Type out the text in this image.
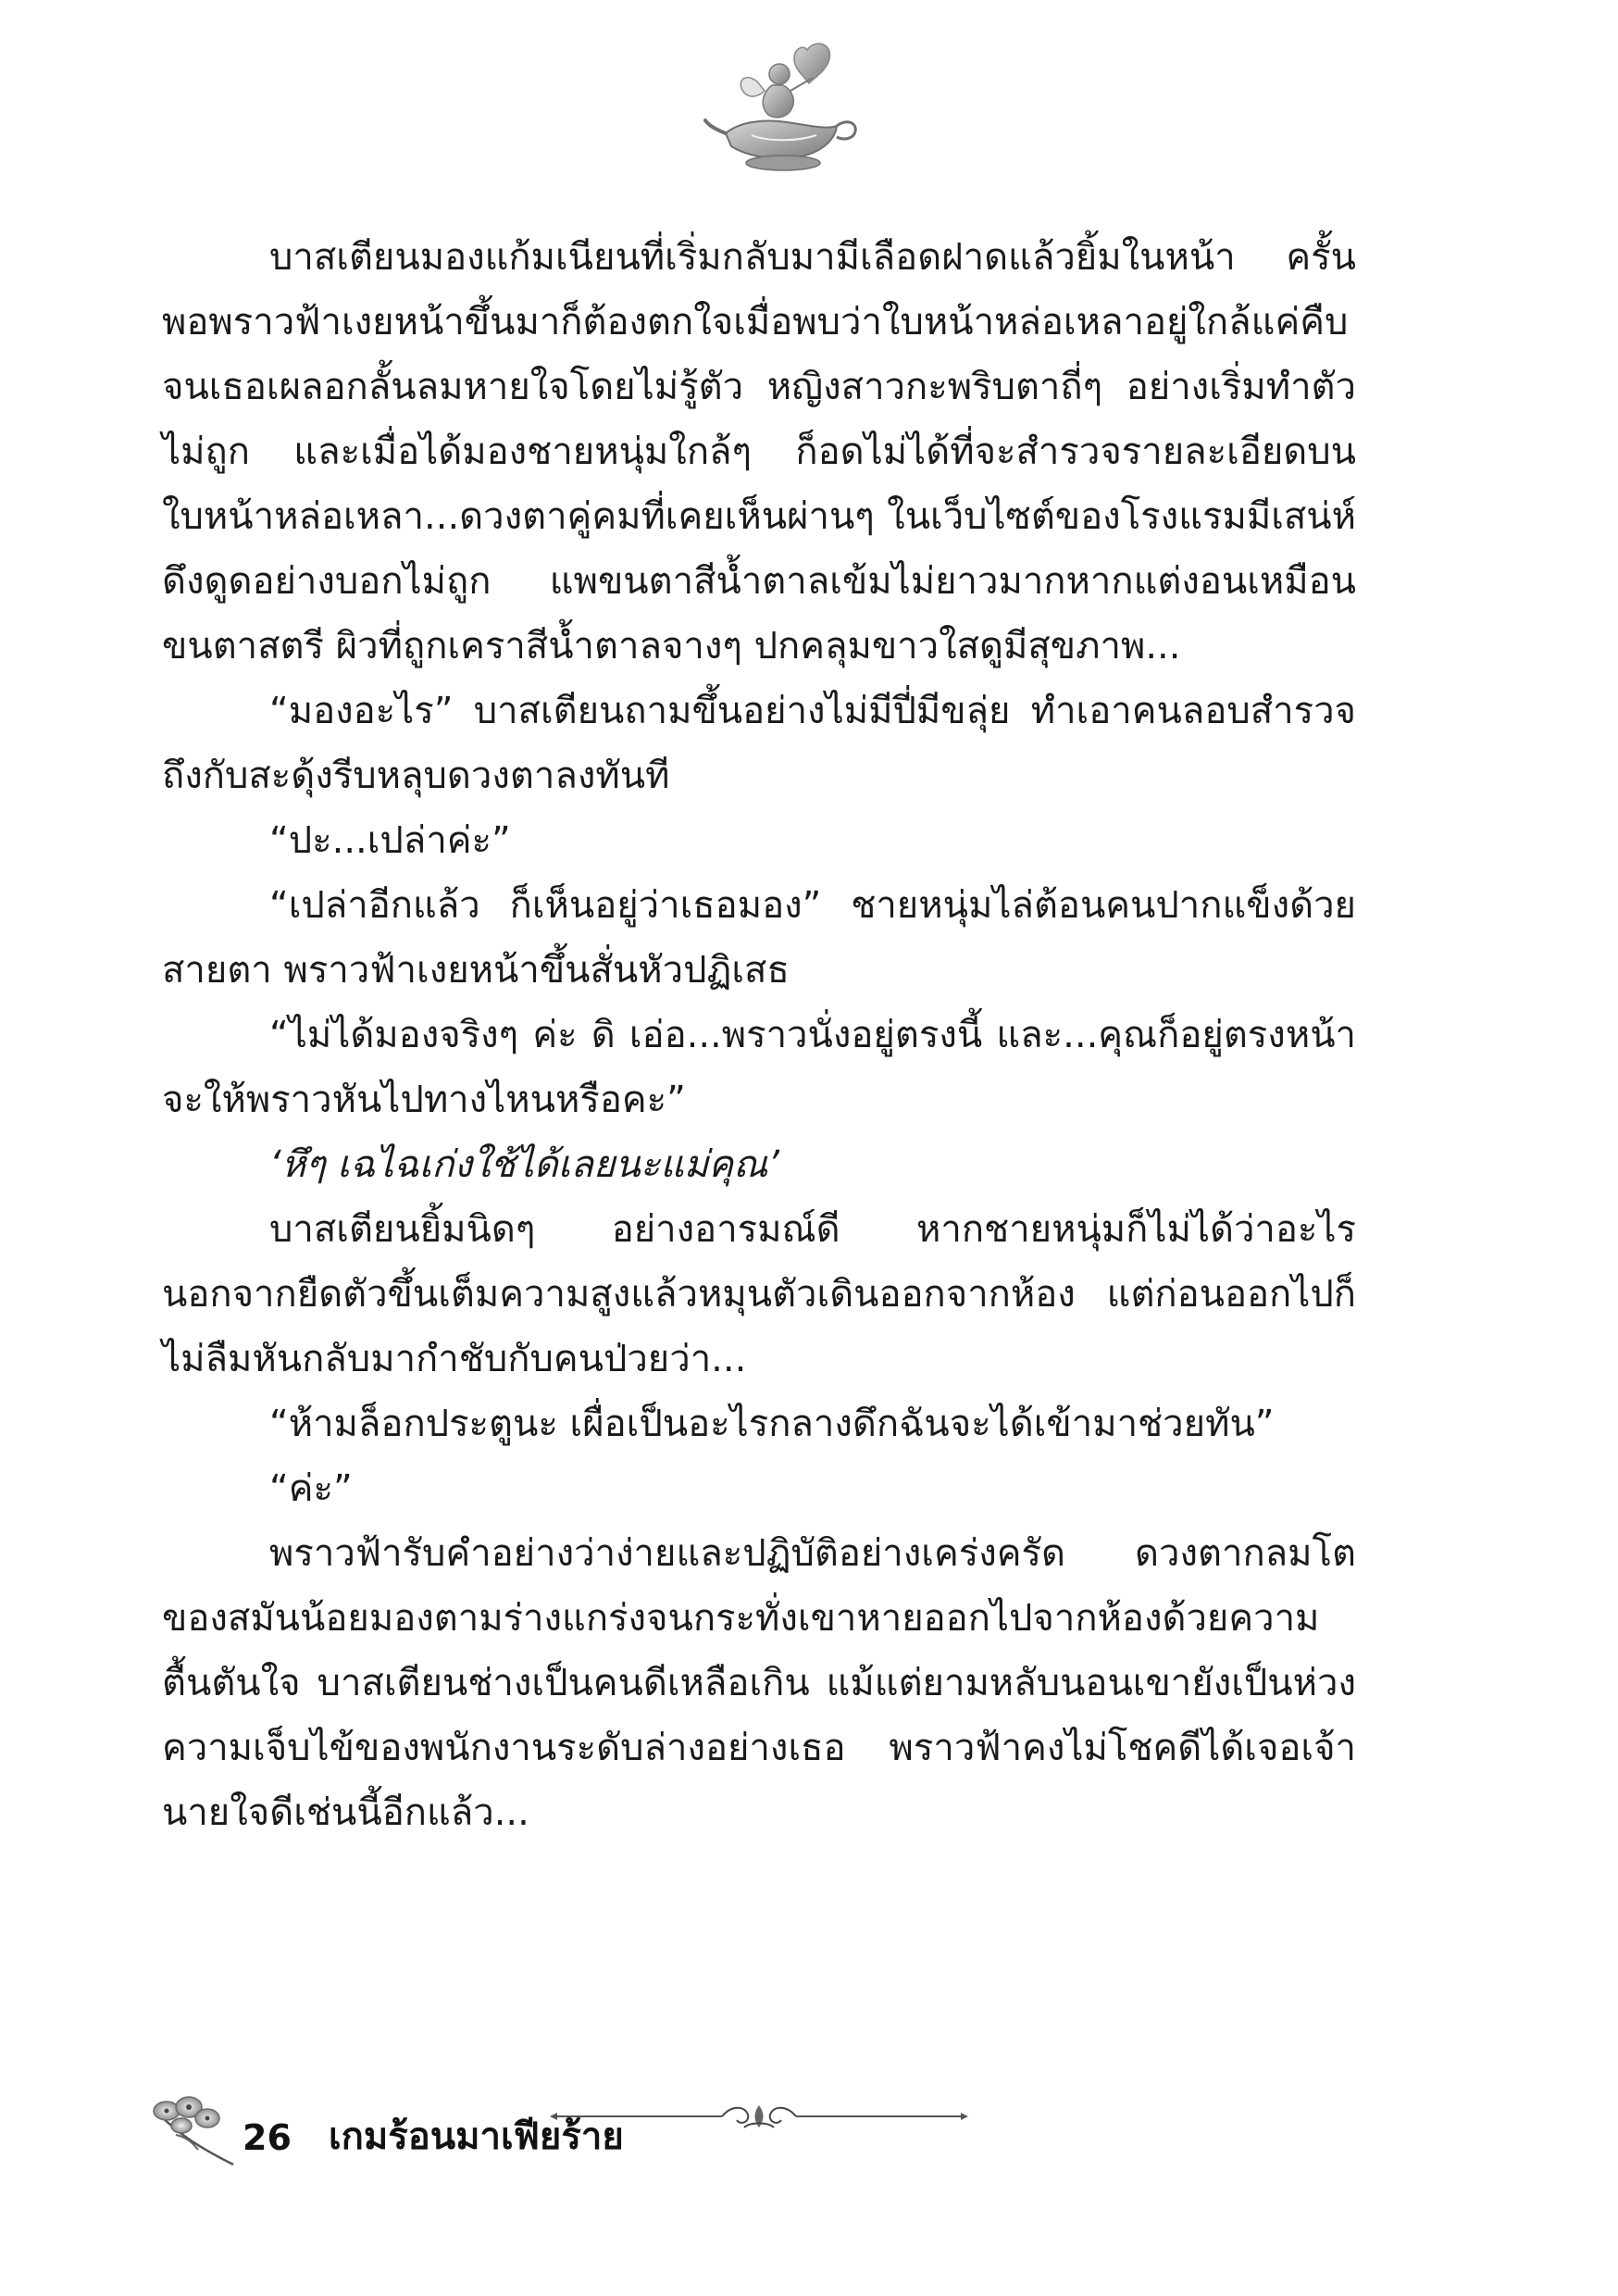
บาสเตียนมองแก้มเนียนที่เริ่มกลับมามีเลือดฝาดแล้วยิ้มในหน้า ครั้นพอพราวฟ้าเงยหน้าขึ้นมาก็ต้องตกใจเมื่อพบว่าใบหน้าหล่อเหลาอยู่ใกล้แค่คืบจนเธอเผลอกลั้นลมหายใจโดยไม่รู้ตัว หญิงสาวกะพริบตาถี่ๆ อย่างเริ่มทำตัวไม่ถูก และเมื่อได้มองชายหนุ่มใกล้ๆ ก็อดไม่ได้ที่จะสำรวจรายละเอียดบนใบหน้าหล่อเหลา...ดวงตาคู่คมที่เคยเห็นผ่านๆ ในเว็บไซต์ของโรงแรมมีเสน่ห์ดึงดูดอย่างบอกไม่ถูก แพขนตาสีน้ำตาลเข้มไม่ยาวมากหากแต่งอนเหมือนขนตาสตรี ผิวที่ถูกเคราสีน้ำตาลจางๆ ปกคลุมขาวใสดูมีสุขภาพ...

“มองอะไร” บาสเตียนถามขึ้นอย่างไม่มีปี่มีขลุ่ย ทำเอาคนลอบสำรวจถึงกับสะดุ้งรีบหลุบดวงตาลงทันที

“ปะ...เปล่าค่ะ”

“เปล่าอีกแล้ว ก็เห็นอยู่ว่าเธอมอง” ชายหนุ่มไล่ต้อนคนปากแข็งด้วยสายตา พราวฟ้าเงยหน้าขึ้นสั่นหัวปฏิเสธ

“ไม่ได้มองจริงๆ ค่ะ ดิ เอ่อ...พราวนั่งอยู่ตรงนี้ และ...คุณก็อยู่ตรงหน้าจะให้พราวหันไปทางไหนหรือคะ”

‘หึๆ เฉไฉเก่งใช้ได้เลยนะแม่คุณ’

บาสเตียนยิ้มนิดๆ อย่างอารมณ์ดี หากชายหนุ่มก็ไม่ได้ว่าอะไรนอกจากยืดตัวขึ้นเต็มความสูงแล้วหมุนตัวเดินออกจากห้อง แต่ก่อนออกไปก็ไม่ลืมหันกลับมากำชับกับคนป่วยว่า...

“ห้ามล็อกประตูนะ เผื่อเป็นอะไรกลางดึกฉันจะได้เข้ามาช่วยทัน”

“ค่ะ”

พราวฟ้ารับคำอย่างว่าง่ายและปฏิบัติอย่างเคร่งครัด ดวงตากลมโตของสมันน้อยมองตามร่างแกร่งจนกระทั่งเขาหายออกไปจากห้องด้วยความตื้นตันใจ บาสเตียนช่างเป็นคนดีเหลือเกิน แม้แต่ยามหลับนอนเขายังเป็นห่วงความเจ็บไข้ของพนักงานระดับล่างอย่างเธอ พราวฟ้าคงไม่โชคดีได้เจอเจ้านายใจดีเช่นนี้อีกแล้ว...

26 เกมร้อนมาเฟียร้าย
